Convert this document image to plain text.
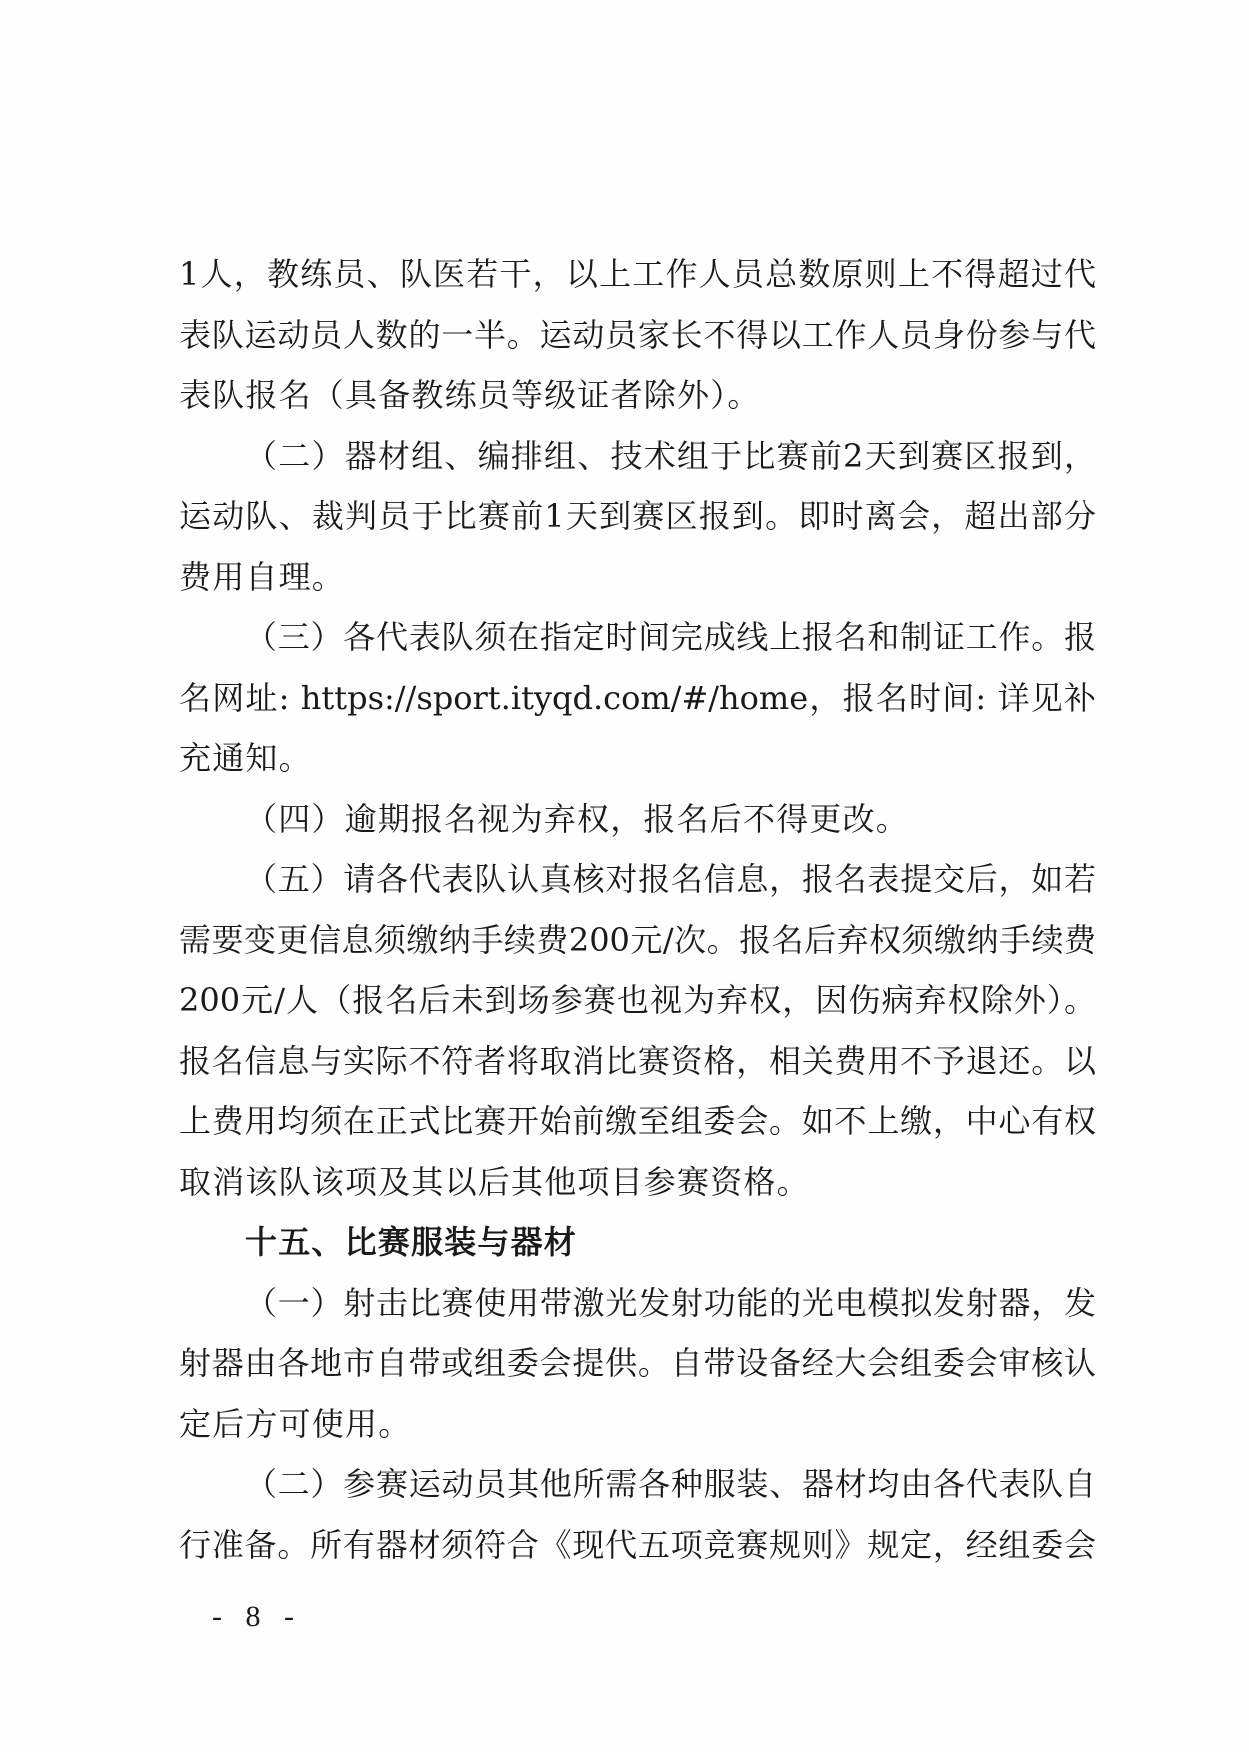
1人，教练员、队医若干，以上工作人员总数原则上不得超过代
表队运动员人数的一半。运动员家长不得以工作人员身份参与代
表队报名（具备教练员等级证者除外）。
（二）器材组、编排组、技术组于比赛前2天到赛区报到，
运动队、裁判员于比赛前1天到赛区报到。即时离会，超出部分
费用自理。
（三）各代表队须在指定时间完成线上报名和制证工作。报
名网址: https://sport.ityqd.com/#/home，报名时间: 详见补
充通知。
（四）逾期报名视为弃权，报名后不得更改。
（五）请各代表队认真核对报名信息，报名表提交后，如若
需要变更信息须缴纳手续费200元/次。报名后弃权须缴纳手续费
200元/人（报名后未到场参赛也视为弃权，因伤病弃权除外）。
报名信息与实际不符者将取消比赛资格，相关费用不予退还。以
上费用均须在正式比赛开始前缴至组委会。如不上缴，中心有权
取消该队该项及其以后其他项目参赛资格。
十五、比赛服装与器材
（一）射击比赛使用带激光发射功能的光电模拟发射器，发
射器由各地市自带或组委会提供。自带设备经大会组委会审核认
定后方可使用。
（二）参赛运动员其他所需各种服装、器材均由各代表队自
行准备。所有器材须符合《现代五项竞赛规则》规定，经组委会
- 8 -
